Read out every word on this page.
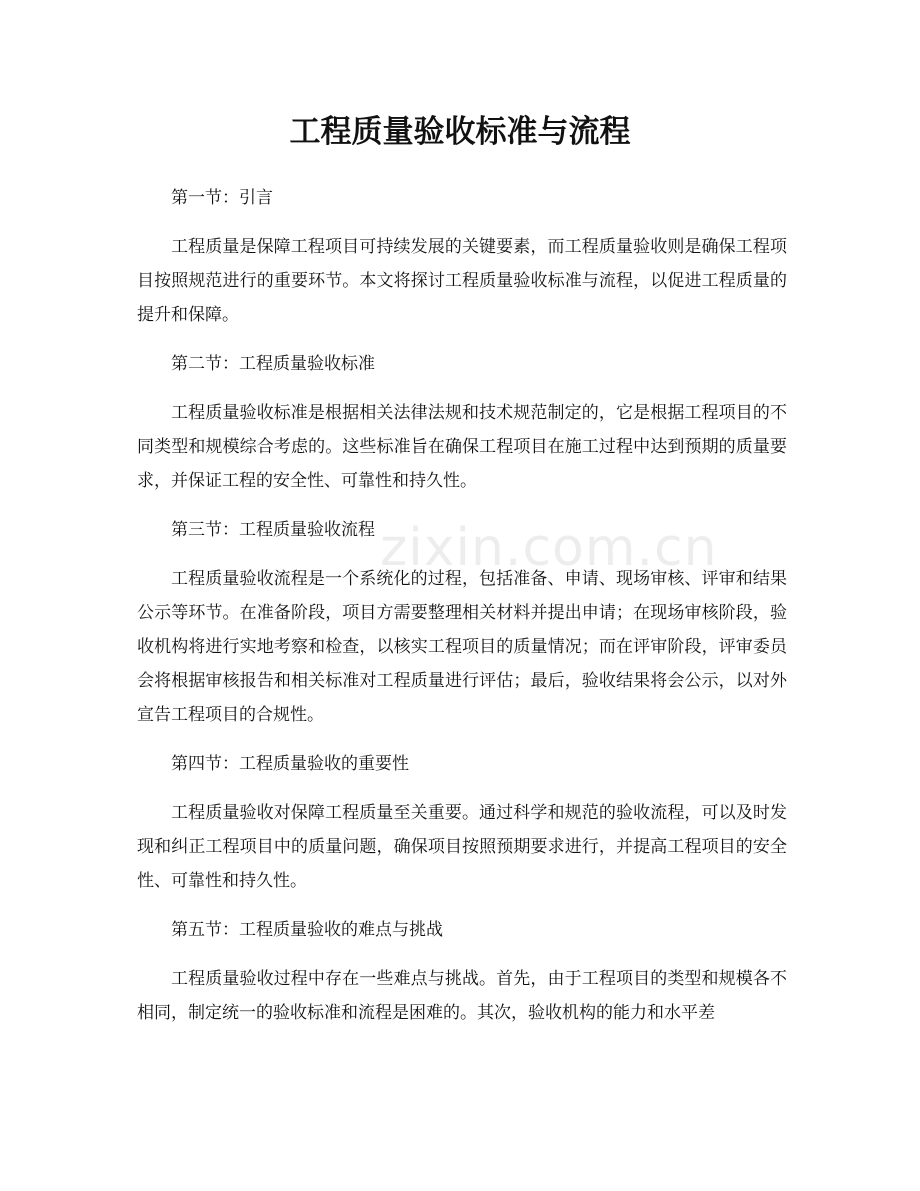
zixin.com.cn
工程质量验收标准与流程

第一节：引言

工程质量是保障工程项目可持续发展的关键要素，而工程质量验收则是确保工程项目按照规范进行的重要环节。本文将探讨工程质量验收标准与流程，以促进工程质量的提升和保障。

第二节：工程质量验收标准

工程质量验收标准是根据相关法律法规和技术规范制定的，它是根据工程项目的不同类型和规模综合考虑的。这些标准旨在确保工程项目在施工过程中达到预期的质量要求，并保证工程的安全性、可靠性和持久性。

第三节：工程质量验收流程

工程质量验收流程是一个系统化的过程，包括准备、申请、现场审核、评审和结果公示等环节。在准备阶段，项目方需要整理相关材料并提出申请；在现场审核阶段，验收机构将进行实地考察和检查，以核实工程项目的质量情况；而在评审阶段，评审委员会将根据审核报告和相关标准对工程质量进行评估；最后，验收结果将会公示，以对外宣告工程项目的合规性。

第四节：工程质量验收的重要性

工程质量验收对保障工程质量至关重要。通过科学和规范的验收流程，可以及时发现和纠正工程项目中的质量问题，确保项目按照预期要求进行，并提高工程项目的安全性、可靠性和持久性。

第五节：工程质量验收的难点与挑战

工程质量验收过程中存在一些难点与挑战。首先，由于工程项目的类型和规模各不相同，制定统一的验收标准和流程是困难的。其次，验收机构的能力和水平差
